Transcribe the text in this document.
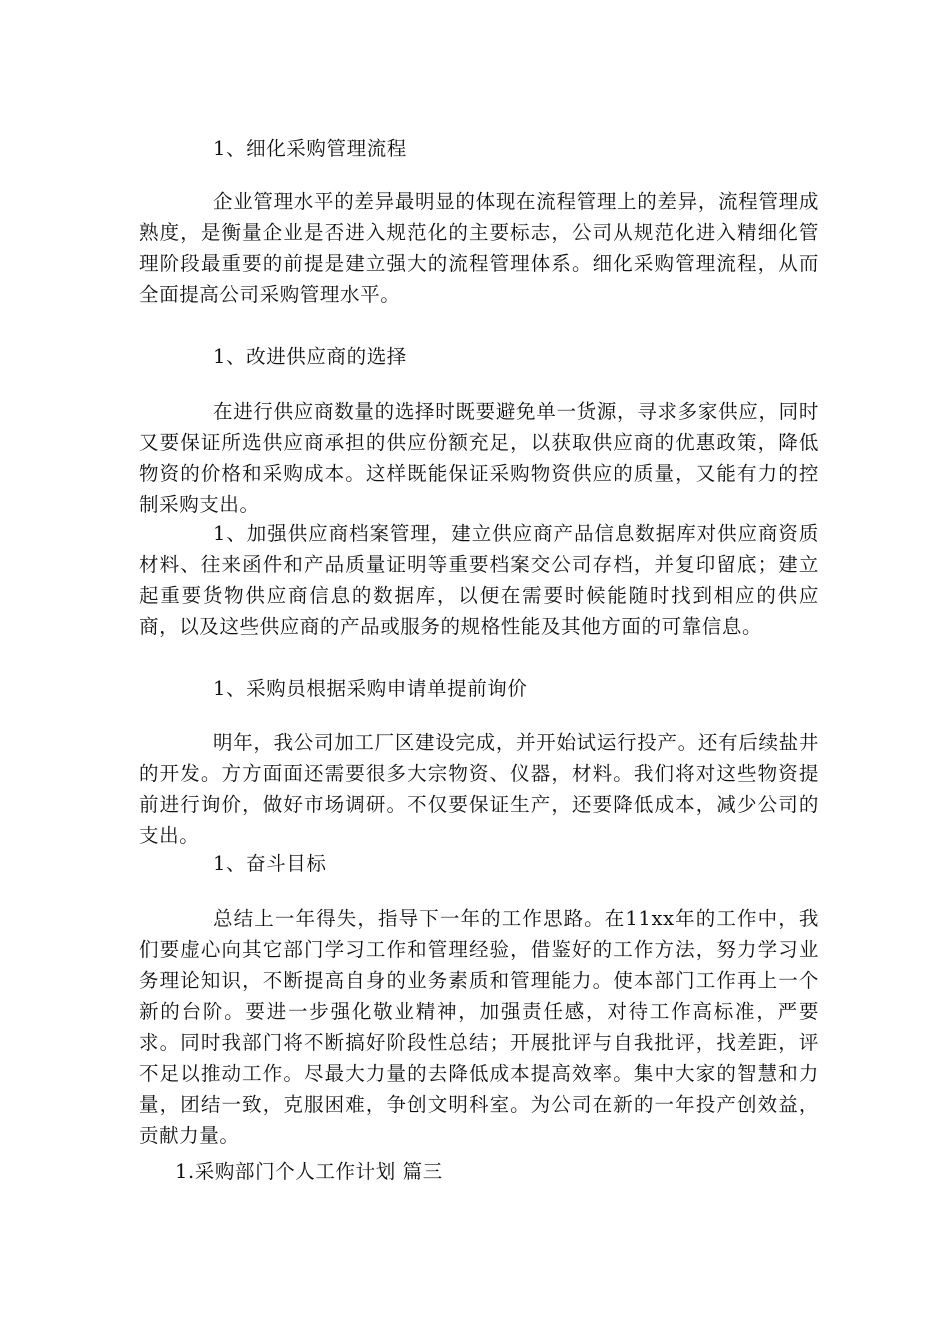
1、细化采购管理流程

企业管理水平的差异最明显的体现在流程管理上的差异，流程管理成熟度，是衡量企业是否进入规范化的主要标志，公司从规范化进入精细化管理阶段最重要的前提是建立强大的流程管理体系。细化采购管理流程，从而全面提高公司采购管理水平。

1、改进供应商的选择

在进行供应商数量的选择时既要避免单一货源，寻求多家供应，同时又要保证所选供应商承担的供应份额充足，以获取供应商的优惠政策，降低物资的价格和采购成本。这样既能保证采购物资供应的质量，又能有力的控制采购支出。

1、加强供应商档案管理，建立供应商产品信息数据库对供应商资质材料、往来函件和产品质量证明等重要档案交公司存档，并复印留底；建立起重要货物供应商信息的数据库，以便在需要时候能随时找到相应的供应商，以及这些供应商的产品或服务的规格性能及其他方面的可靠信息。

1、采购员根据采购申请单提前询价

明年，我公司加工厂区建设完成，并开始试运行投产。还有后续盐井的开发。方方面面还需要很多大宗物资、仪器，材料。我们将对这些物资提前进行询价，做好市场调研。不仅要保证生产，还要降低成本，减少公司的支出。

1、奋斗目标

总结上一年得失，指导下一年的工作思路。在11xx年的工作中，我们要虚心向其它部门学习工作和管理经验，借鉴好的工作方法，努力学习业务理论知识，不断提高自身的业务素质和管理能力。使本部门工作再上一个新的台阶。要进一步强化敬业精神，加强责任感，对待工作高标准，严要求。同时我部门将不断搞好阶段性总结；开展批评与自我批评，找差距，评不足以推动工作。尽最大力量的去降低成本提高效率。集中大家的智慧和力量，团结一致，克服困难，争创文明科室。为公司在新的一年投产创效益，贡献力量。

1.采购部门个人工作计划 篇三
